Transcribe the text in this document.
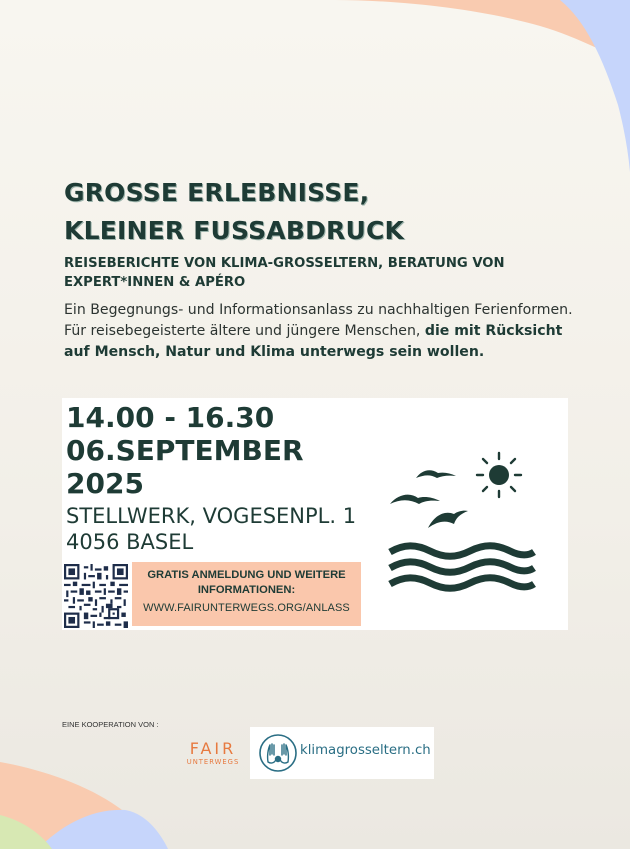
GROSSE ERLEBNISSE,
KLEINER FUSSABDRUCK

REISEBERICHTE VON KLIMA-GROSSELTERN, BERATUNG VON EXPERT*INNEN & APÉRO

Ein Begegnungs- und Informationsanlass zu nachhaltigen Ferienformen. Für reisebegeisterte ältere und jüngere Menschen, die mit Rücksicht auf Mensch, Natur und Klima unterwegs sein wollen.

14.00 - 16.30

06.SEPTEMBER

2025

STELLWERK, VOGESENPL. 1

4056 BASEL

GRATIS ANMELDUNG UND WEITERE
INFORMATIONEN:

WWW.FAIRUNTERWEGS.ORG/ANLASS

EINE KOOPERATION VON :

FAIR
UNTERWEGS

klimagrosseltern.ch
